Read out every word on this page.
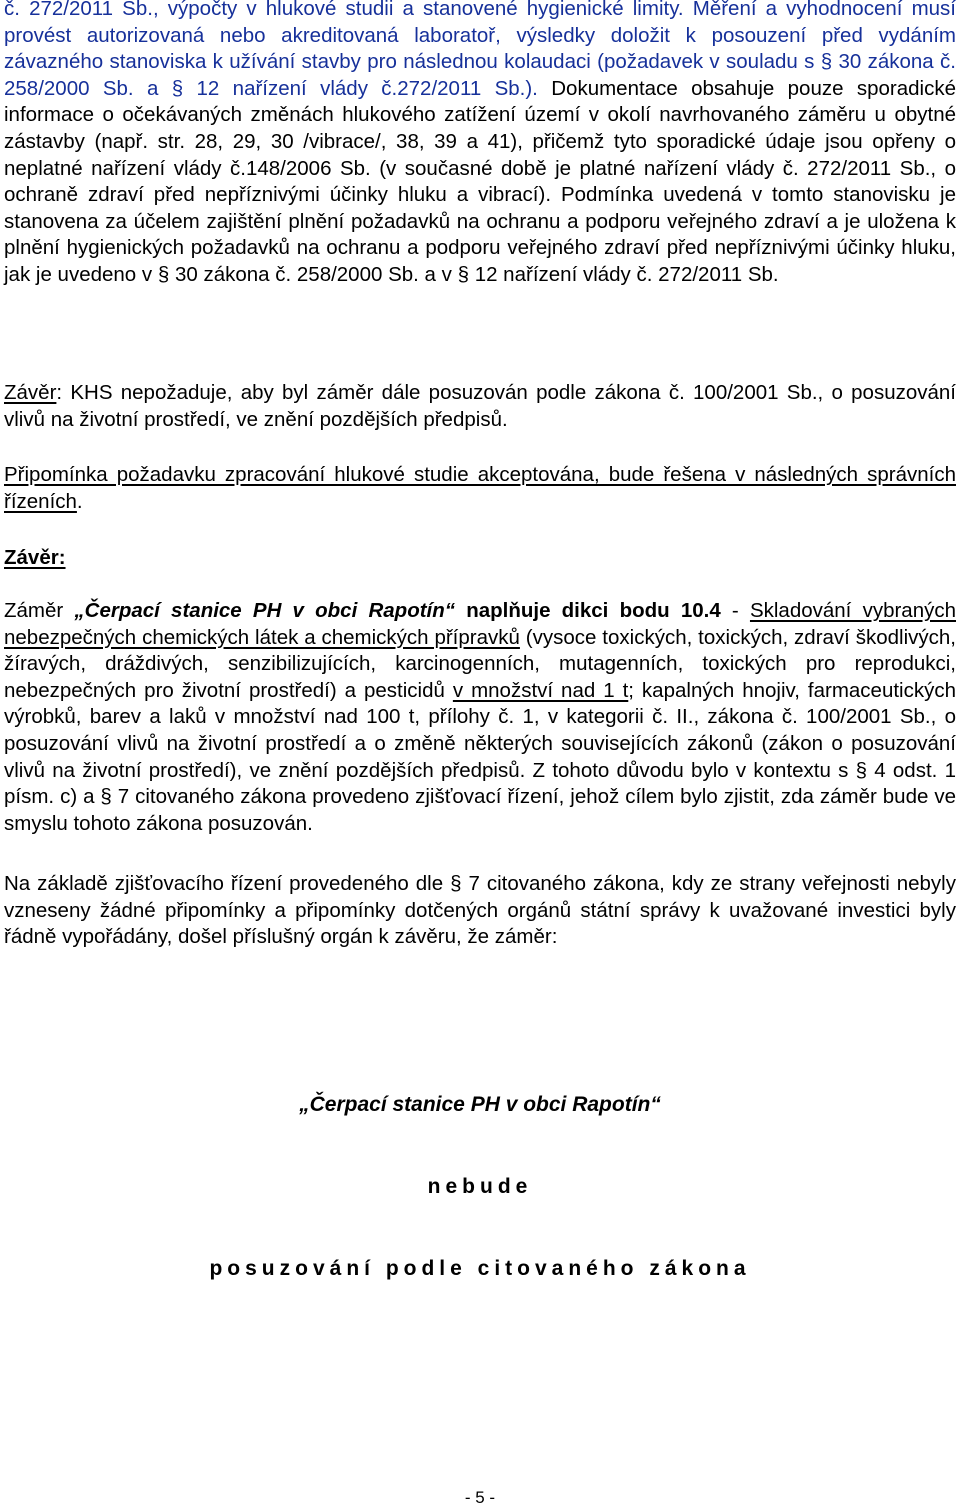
č. 272/2011 Sb., výpočty v hlukové studii a stanovené hygienické limity. Měření a vyhodnocení musí provést autorizovaná nebo akreditovaná laboratoř, výsledky doložit k posouzení před vydáním závazného stanoviska k užívání stavby pro následnou kolaudaci (požadavek v souladu s § 30 zákona č. 258/2000 Sb. a § 12 nařízení vlády č.272/2011 Sb.). Dokumentace obsahuje pouze sporadické informace o očekávaných změnách hlukového zatížení území v okolí navrhovaného záměru u obytné zástavby (např. str. 28, 29, 30 /vibrace/, 38, 39 a 41), přičemž tyto sporadické údaje jsou opřeny o neplatné nařízení vlády č.148/2006 Sb. (v současné době je platné nařízení vlády č. 272/2011 Sb., o ochraně zdraví před nepříznivými účinky hluku a vibrací). Podmínka uvedená v tomto stanovisku je stanovena za účelem zajištění plnění požadavků na ochranu a podporu veřejného zdraví a je uložena k plnění hygienických požadavků na ochranu a podporu veřejného zdraví před nepříznivými účinky hluku, jak je uvedeno v § 30 zákona č. 258/2000 Sb. a v § 12 nařízení vlády č. 272/2011 Sb.

Závěr: KHS nepožaduje, aby byl záměr dále posuzován podle zákona č. 100/2001 Sb., o posuzování vlivů na životní prostředí, ve znění pozdějších předpisů.

Připomínka požadavku zpracování hlukové studie akceptována, bude řešena v následných správních řízeních.

Závěr:

Záměr „Čerpací stanice PH v obci Rapotín“ naplňuje dikci bodu 10.4 - Skladování vybraných nebezpečných chemických látek a chemických přípravků (vysoce toxických, toxických, zdraví škodlivých, žíravých, dráždivých, senzibilizujících, karcinogenních, mutagenních, toxických pro reprodukci, nebezpečných pro životní prostředí) a pesticidů v množství nad 1 t; kapalných hnojiv, farmaceutických výrobků, barev a laků v množství nad 100 t, přílohy č. 1, v kategorii č. II., zákona č. 100/2001 Sb., o posuzování vlivů na životní prostředí a o změně některých souvisejících zákonů (zákon o posuzování vlivů na životní prostředí), ve znění pozdějších předpisů. Z tohoto důvodu bylo v kontextu s § 4 odst. 1 písm. c) a § 7 citovaného zákona provedeno zjišťovací řízení, jehož cílem bylo zjistit, zda záměr bude ve smyslu tohoto zákona posuzován.

Na základě zjišťovacího řízení provedeného dle § 7 citovaného zákona, kdy ze strany veřejnosti nebyly vzneseny žádné připomínky a připomínky dotčených orgánů státní správy k uvažované investici byly řádně vypořádány, došel příslušný orgán k závěru, že záměr:

„Čerpací stanice PH v obci Rapotín“
nebude
posuzování podle citovaného zákona
- 5 -
